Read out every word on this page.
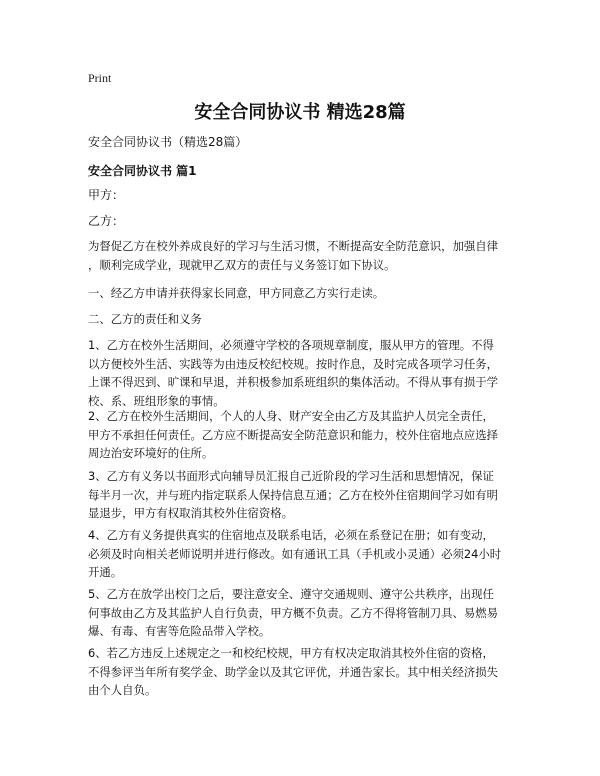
Print
安全合同协议书 精选28篇

安全合同协议书（精选28篇）

安全合同协议书 篇1

甲方：

乙方：

为督促乙方在校外养成良好的学习与生活习惯，不断提高安全防范意识，加强自律
，顺利完成学业，现就甲乙双方的责任与义务签订如下协议。
一、经乙方申请并获得家长同意，甲方同意乙方实行走读。
二、乙方的责任和义务
1、乙方在校外生活期间，必须遵守学校的各项规章制度，服从甲方的管理。不得
以方便校外生活、实践等为由违反校纪校规。按时作息，及时完成各项学习任务，
上课不得迟到、旷课和早退，并积极参加系班组织的集体活动。不得从事有损于学
校、系、班组形象的事情。
2、乙方在校外生活期间，个人的人身、财产安全由乙方及其监护人员完全责任，
甲方不承担任何责任。乙方应不断提高安全防范意识和能力，校外住宿地点应选择
周边治安环境好的住所。
3、乙方有义务以书面形式向辅导员汇报自己近阶段的学习生活和思想情况，保证
每半月一次，并与班内指定联系人保持信息互通；乙方在校外住宿期间学习如有明
显退步，甲方有权取消其校外住宿资格。
4、乙方有义务提供真实的住宿地点及联系电话，必须在系登记在册；如有变动，
必须及时向相关老师说明并进行修改。如有通讯工具（手机或小灵通）必须24小时
开通。
5、乙方在放学出校门之后，要注意安全、遵守交通规则、遵守公共秩序，出现任
何事故由乙方及其监护人自行负责，甲方概不负责。乙方不得将管制刀具、易燃易
爆、有毒、有害等危险品带入学校。
6、若乙方违反上述规定之一和校纪校规，甲方有权决定取消其校外住宿的资格，
不得参评当年所有奖学金、助学金以及其它评优，并通告家长。其中相关经济损失
由个人自负。
